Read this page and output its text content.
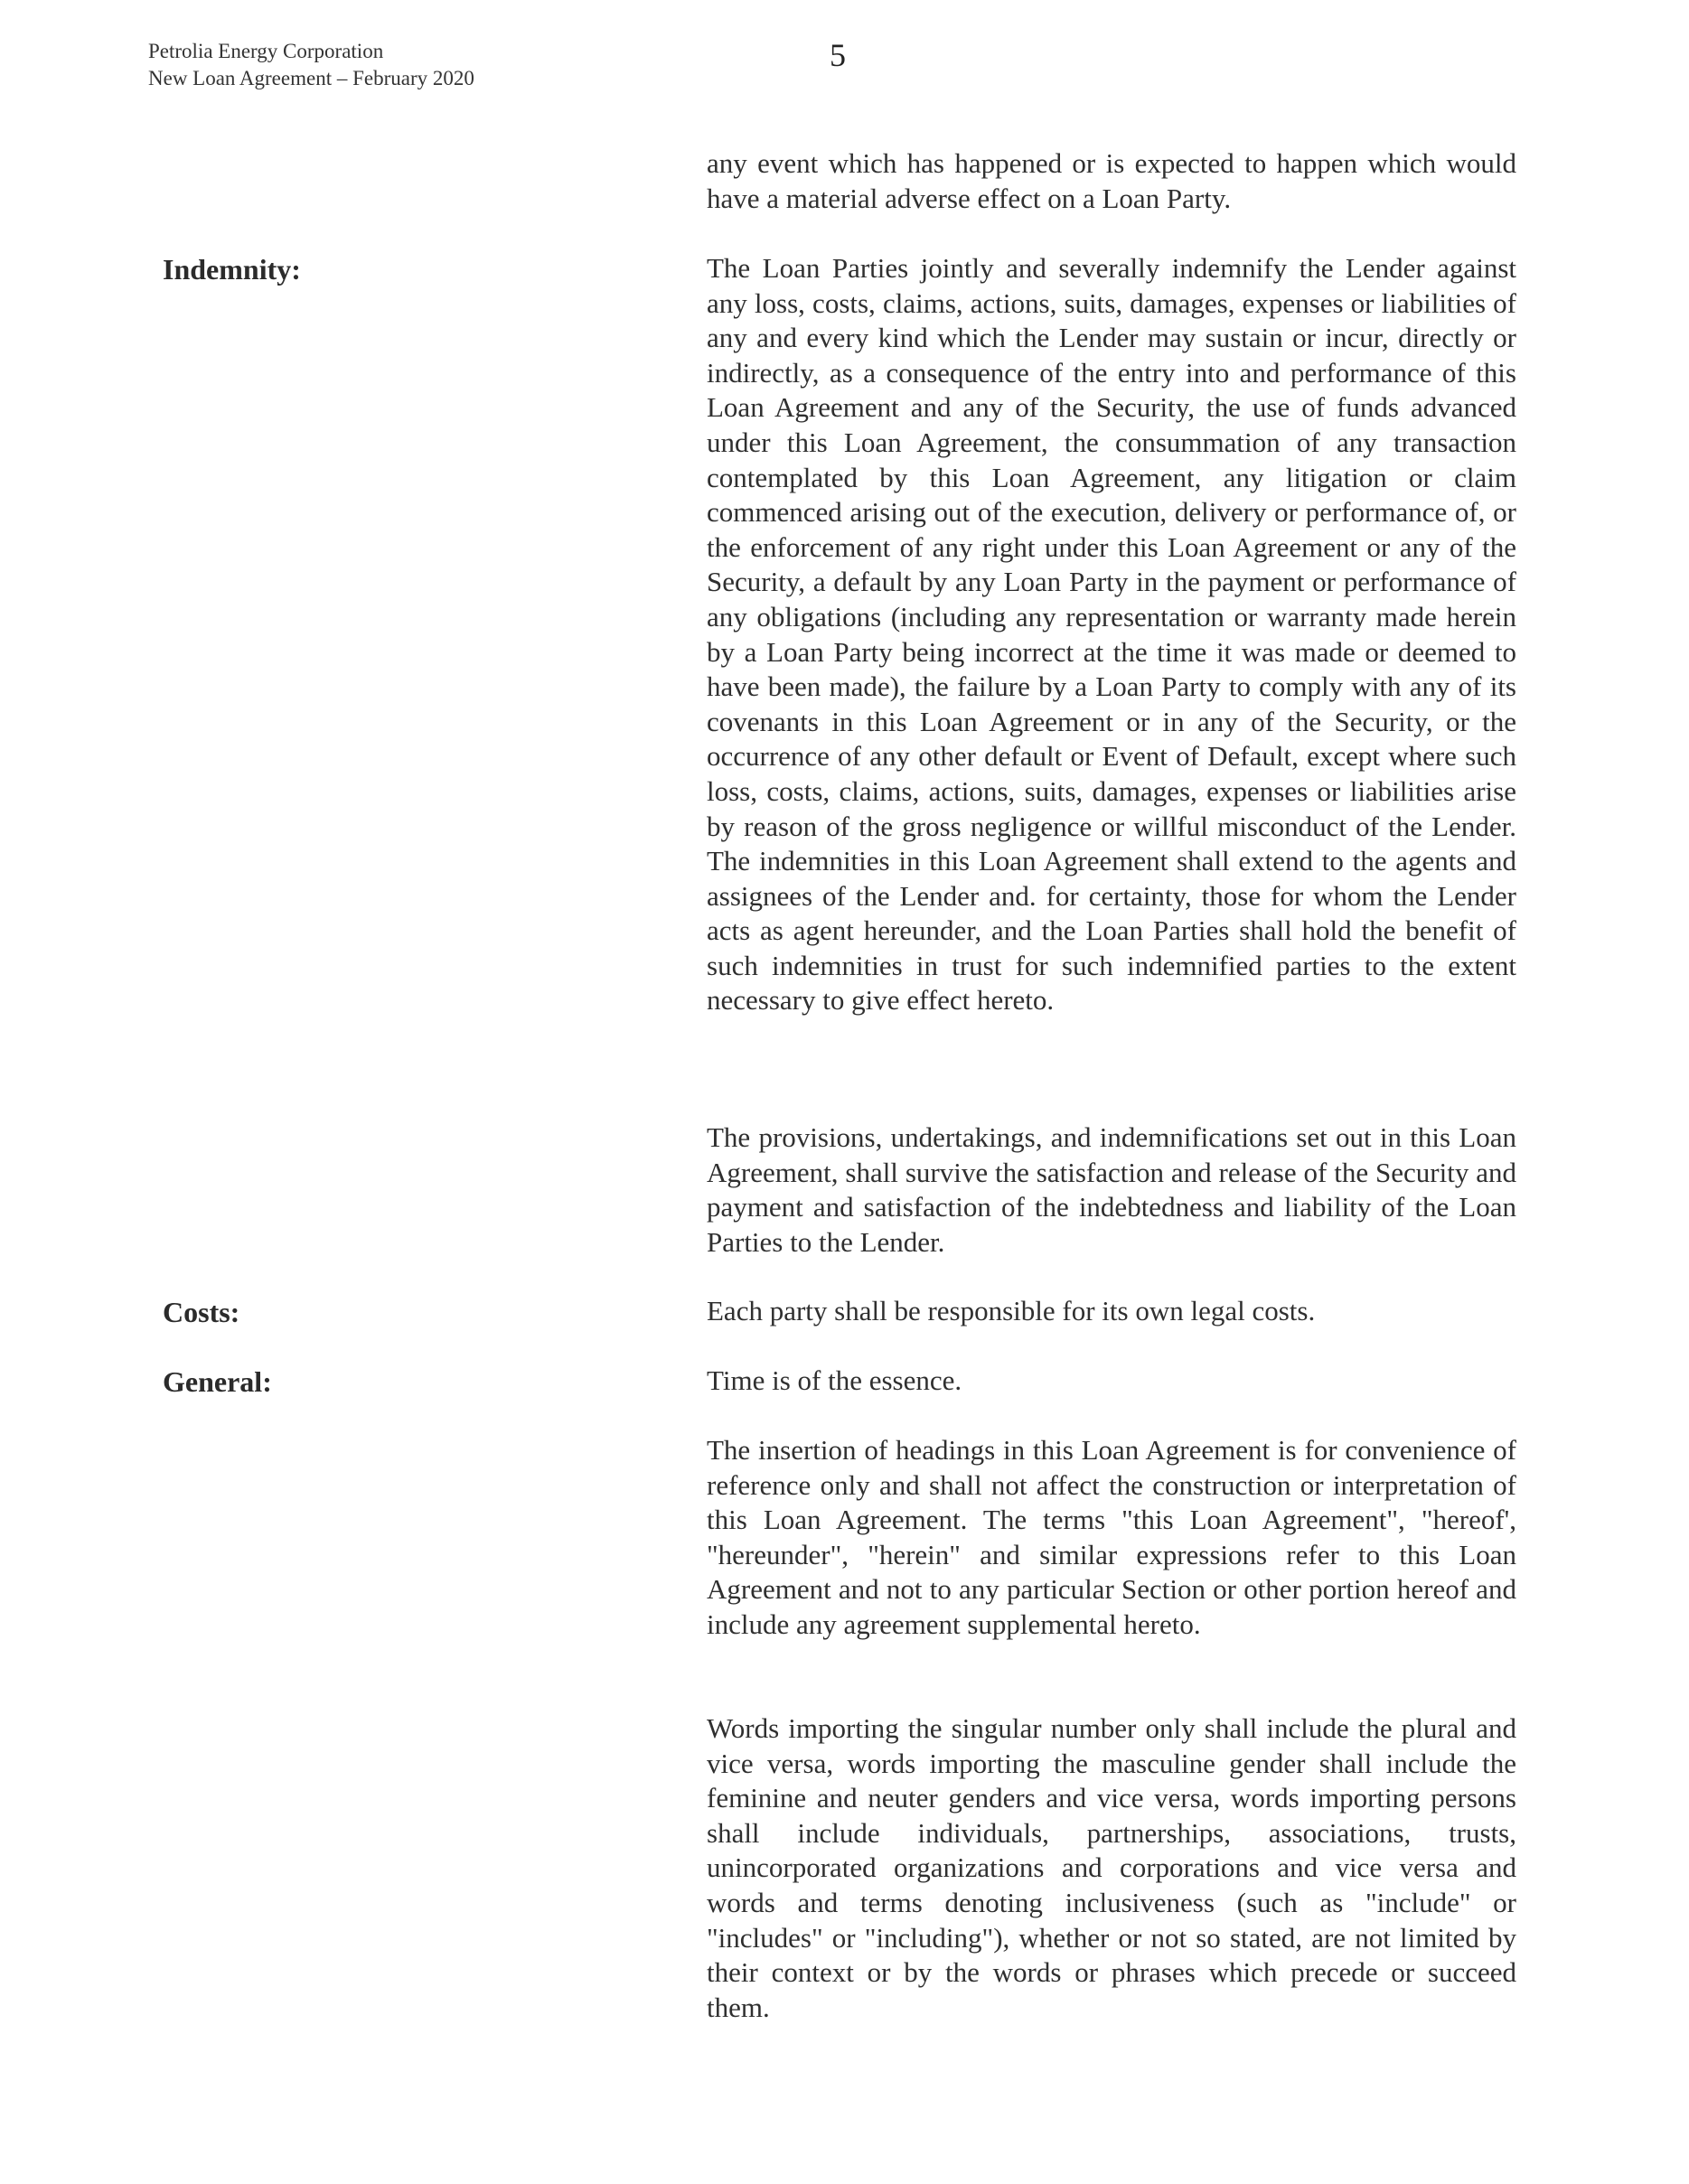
Petrolia Energy Corporation
New Loan Agreement – February 2020
5

any event which has happened or is expected to happen which would have a material adverse effect on a Loan Party.

Indemnity:	The Loan Parties jointly and severally indemnify the Lender against any loss, costs, claims, actions, suits, damages, expenses or liabilities of any and every kind which the Lender may sustain or incur, directly or indirectly, as a consequence of the entry into and performance of this Loan Agreement and any of the Security, the use of funds advanced under this Loan Agreement, the consummation of any transaction contemplated by this Loan Agreement, any litigation or claim commenced arising out of the execution, delivery or performance of, or the enforcement of any right under this Loan Agreement or any of the Security, a default by any Loan Party in the payment or performance of any obligations (including any representation or warranty made herein by a Loan Party being incorrect at the time it was made or deemed to have been made), the failure by a Loan Party to comply with any of its covenants in this Loan Agreement or in any of the Security, or the occurrence of any other default or Event of Default, except where such loss, costs, claims, actions, suits, damages, expenses or liabilities arise by reason of the gross negligence or willful misconduct of the Lender. The indemnities in this Loan Agreement shall extend to the agents and assignees of the Lender and. for certainty, those for whom the Lender acts as agent hereunder, and the Loan Parties shall hold the benefit of such indemnities in trust for such indemnified parties to the extent necessary to give effect hereto.

The provisions, undertakings, and indemnifications set out in this Loan Agreement, shall survive the satisfaction and release of the Security and payment and satisfaction of the indebtedness and liability of the Loan Parties to the Lender.

Costs:	Each party shall be responsible for its own legal costs.

General:	Time is of the essence.

The insertion of headings in this Loan Agreement is for convenience of reference only and shall not affect the construction or interpretation of this Loan Agreement. The terms "this Loan Agreement", "hereof', "hereunder", "herein" and similar expressions refer to this Loan Agreement and not to any particular Section or other portion hereof and include any agreement supplemental hereto.

Words importing the singular number only shall include the plural and vice versa, words importing the masculine gender shall include the feminine and neuter genders and vice versa, words importing persons shall include individuals, partnerships, associations, trusts, unincorporated organizations and corporations and vice versa and words and terms denoting inclusiveness (such as "include" or "includes" or "including"), whether or not so stated, are not limited by their context or by the words or phrases which precede or succeed them.
